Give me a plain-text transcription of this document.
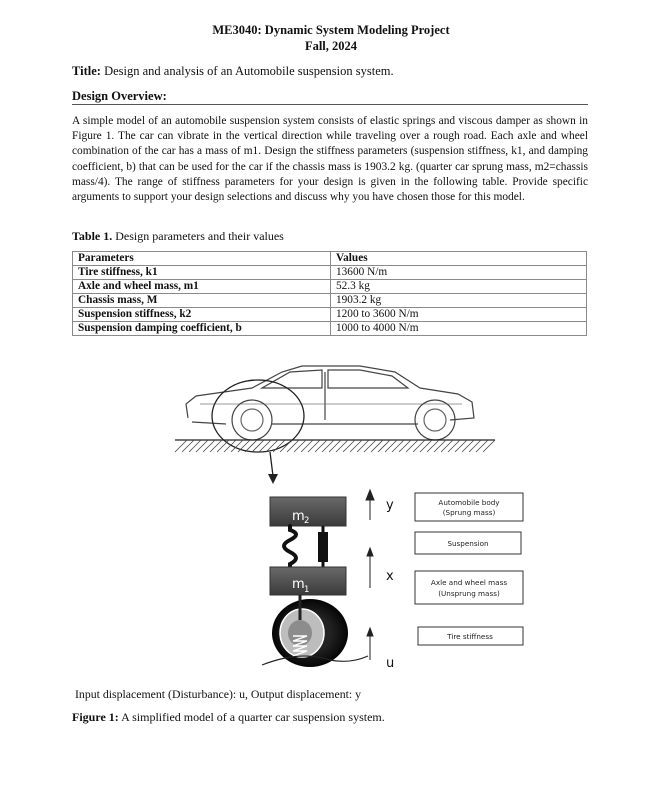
ME3040: Dynamic System Modeling Project
Fall, 2024
Title: Design and analysis of an Automobile suspension system.
Design Overview:
A simple model of an automobile suspension system consists of elastic springs and viscous damper as shown in Figure 1. The car can vibrate in the vertical direction while traveling over a rough road. Each axle and wheel combination of the car has a mass of m1. Design the stiffness parameters (suspension stiffness, k1, and damping coefficient, b) that can be used for the car if the chassis mass is 1903.2 kg. (quarter car sprung mass, m2=chassis mass/4). The range of stiffness parameters for your design is given in the following table. Provide specific arguments to support your design selections and discuss why you have chosen those for this model.
Table 1. Design parameters and their values
Parameters	Values
Tire stiffness, k1	13600 N/m
Axle and wheel mass, m1	52.3 kg
Chassis mass, M	1903.2 kg
Suspension stiffness, k2	1200 to 3600 N/m
Suspension damping coefficient, b	1000 to 4000 N/m
m 2
m 1
y
x
u
Automobile body
(Sprung mass)
Suspension
Axle and wheel mass
(Unsprung mass)
Tire stiffness
Input displacement (Disturbance): u, Output displacement: y
Figure 1: A simplified model of a quarter car suspension system.
